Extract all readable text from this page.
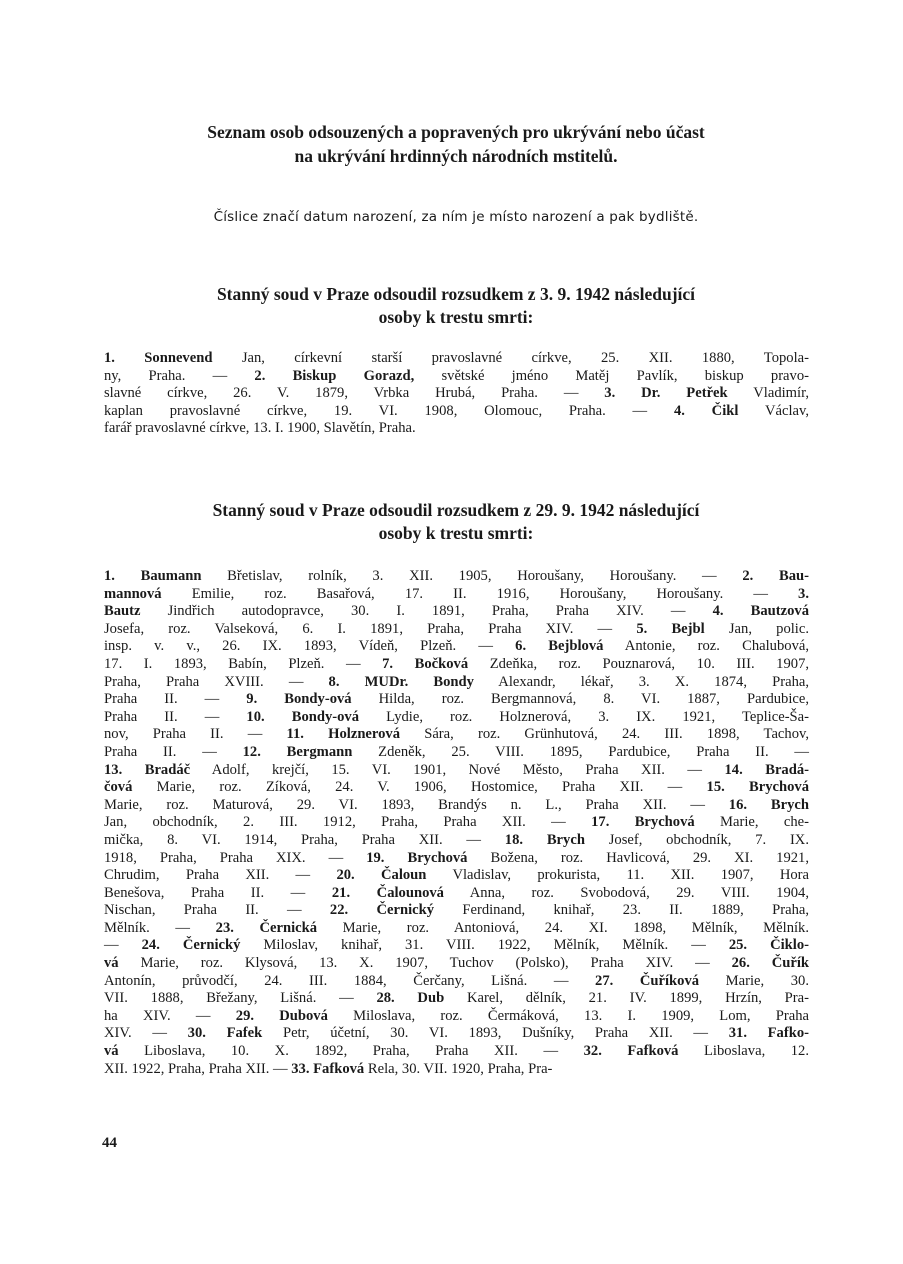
Seznam osob odsouzených a popravených pro ukrývání nebo účast
na ukrývání hrdinných národních mstitelů.

Číslice značí datum narození, za ním je místo narození a pak bydliště.

Stanný soud v Praze odsoudil rozsudkem z 3. 9. 1942 následující
osoby k trestu smrti:
1. Sonnevend Jan, církevní starší pravoslavné církve, 25. XII. 1880, Topola-
ny, Praha. — 2. Biskup Gorazd, světské jméno Matěj Pavlík, biskup pravo-
slavné církve, 26. V. 1879, Vrbka Hrubá, Praha. — 3. Dr. Petřek Vladimír,
kaplan pravoslavné církve, 19. VI. 1908, Olomouc, Praha. — 4. Čikl Václav,
farář pravoslavné církve, 13. I. 1900, Slavětín, Praha.
Stanný soud v Praze odsoudil rozsudkem z 29. 9. 1942 následující
osoby k trestu smrti:
1. Baumann Břetislav, rolník, 3. XII. 1905, Horoušany, Horoušany. — 2. Bau-
mannová Emilie, roz. Basařová, 17. II. 1916, Horoušany, Horoušany. — 3.
Bautz Jindřich autodopravce, 30. I. 1891, Praha, Praha XIV. — 4. Bautzová
Josefa, roz. Valseková, 6. I. 1891, Praha, Praha XIV. — 5. Bejbl Jan, polic.
insp. v. v., 26. IX. 1893, Vídeň, Plzeň. — 6. Bejblová Antonie, roz. Chalubová,
17. I. 1893, Babín, Plzeň. — 7. Bočková Zdeňka, roz. Pouznarová, 10. III. 1907,
Praha, Praha XVIII. — 8. MUDr. Bondy Alexandr, lékař, 3. X. 1874, Praha,
Praha II. — 9. Bondy-ová Hilda, roz. Bergmannová, 8. VI. 1887, Pardubice,
Praha II. — 10. Bondy-ová Lydie, roz. Holznerová, 3. IX. 1921, Teplice-Ša-
nov, Praha II. — 11. Holznerová Sára, roz. Grünhutová, 24. III. 1898, Tachov,
Praha II. — 12. Bergmann Zdeněk, 25. VIII. 1895, Pardubice, Praha II. —
13. Bradáč Adolf, krejčí, 15. VI. 1901, Nové Město, Praha XII. — 14. Bradá-
čová Marie, roz. Zíková, 24. V. 1906, Hostomice, Praha XII. — 15. Brychová
Marie, roz. Maturová, 29. VI. 1893, Brandýs n. L., Praha XII. — 16. Brych
Jan, obchodník, 2. III. 1912, Praha, Praha XII. — 17. Brychová Marie, che-
mička, 8. VI. 1914, Praha, Praha XII. — 18. Brych Josef, obchodník, 7. IX.
1918, Praha, Praha XIX. — 19. Brychová Božena, roz. Havlicová, 29. XI. 1921,
Chrudim, Praha XII. — 20. Čaloun Vladislav, prokurista, 11. XII. 1907, Hora
Benešova, Praha II. — 21. Čalounová Anna, roz. Svobodová, 29. VIII. 1904,
Nischan, Praha II. — 22. Černický Ferdinand, knihař, 23. II. 1889, Praha,
Mělník. — 23. Černická Marie, roz. Antoniová, 24. XI. 1898, Mělník, Mělník.
— 24. Černický Miloslav, knihař, 31. VIII. 1922, Mělník, Mělník. — 25. Čiklo-
vá Marie, roz. Klysová, 13. X. 1907, Tuchov (Polsko), Praha XIV. — 26. Čuřík
Antonín, průvodčí, 24. III. 1884, Čerčany, Lišná. — 27. Čuříková Marie, 30.
VII. 1888, Břežany, Lišná. — 28. Dub Karel, dělník, 21. IV. 1899, Hrzín, Pra-
ha XIV. — 29. Dubová Miloslava, roz. Čermáková, 13. I. 1909, Lom, Praha
XIV. — 30. Fafek Petr, účetní, 30. VI. 1893, Dušníky, Praha XII. — 31. Fafko-
vá Liboslava, 10. X. 1892, Praha, Praha XII. — 32. Fafková Liboslava, 12.
XII. 1922, Praha, Praha XII. — 33. Fafková Rela, 30. VII. 1920, Praha, Pra-

44
